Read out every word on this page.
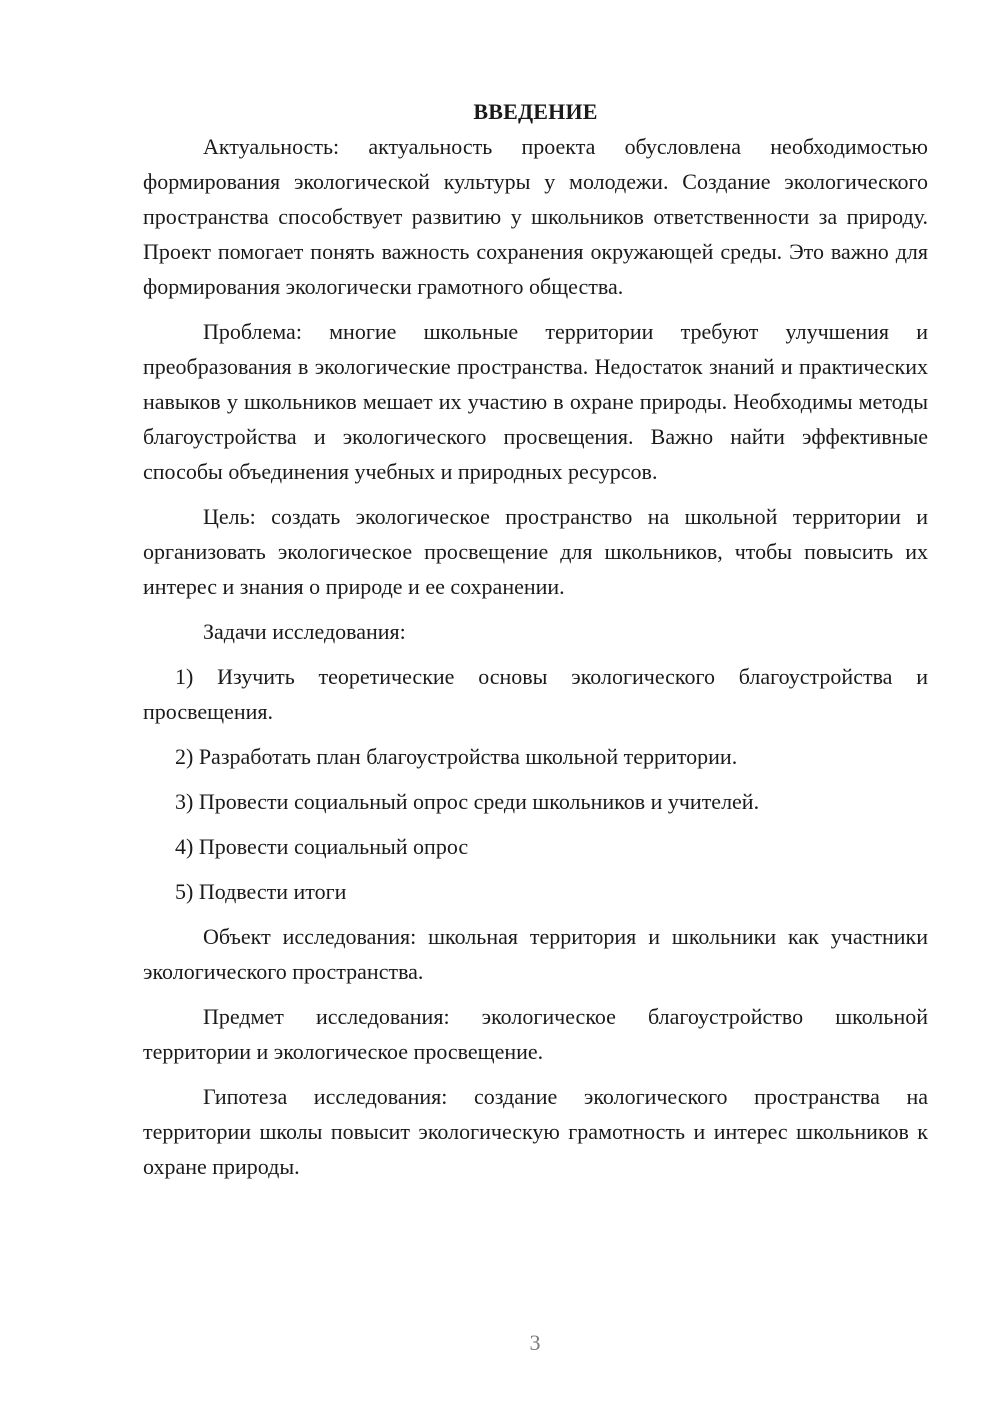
ВВЕДЕНИЕ

Актуальность: актуальность проекта обусловлена необходимостью формирования экологической культуры у молодежи. Создание экологического пространства способствует развитию у школьников ответственности за природу. Проект помогает понять важность сохранения окружающей среды. Это важно для формирования экологически грамотного общества.

Проблема: многие школьные территории требуют улучшения и преобразования в экологические пространства. Недостаток знаний и практических навыков у школьников мешает их участию в охране природы. Необходимы методы благоустройства и экологического просвещения. Важно найти эффективные способы объединения учебных и природных ресурсов.

Цель: создать экологическое пространство на школьной территории и организовать экологическое просвещение для школьников, чтобы повысить их интерес и знания о природе и ее сохранении.

Задачи исследования:

1) Изучить теоретические основы экологического благоустройства и просвещения.

2) Разработать план благоустройства школьной территории.

3) Провести социальный опрос среди школьников и учителей.

4) Провести социальный опрос

5) Подвести итоги

Объект исследования: школьная территория и школьники как участники экологического пространства.

Предмет исследования: экологическое благоустройство школьной территории и экологическое просвещение.

Гипотеза исследования: создание экологического пространства на территории школы повысит экологическую грамотность и интерес школьников к охране природы.

3
